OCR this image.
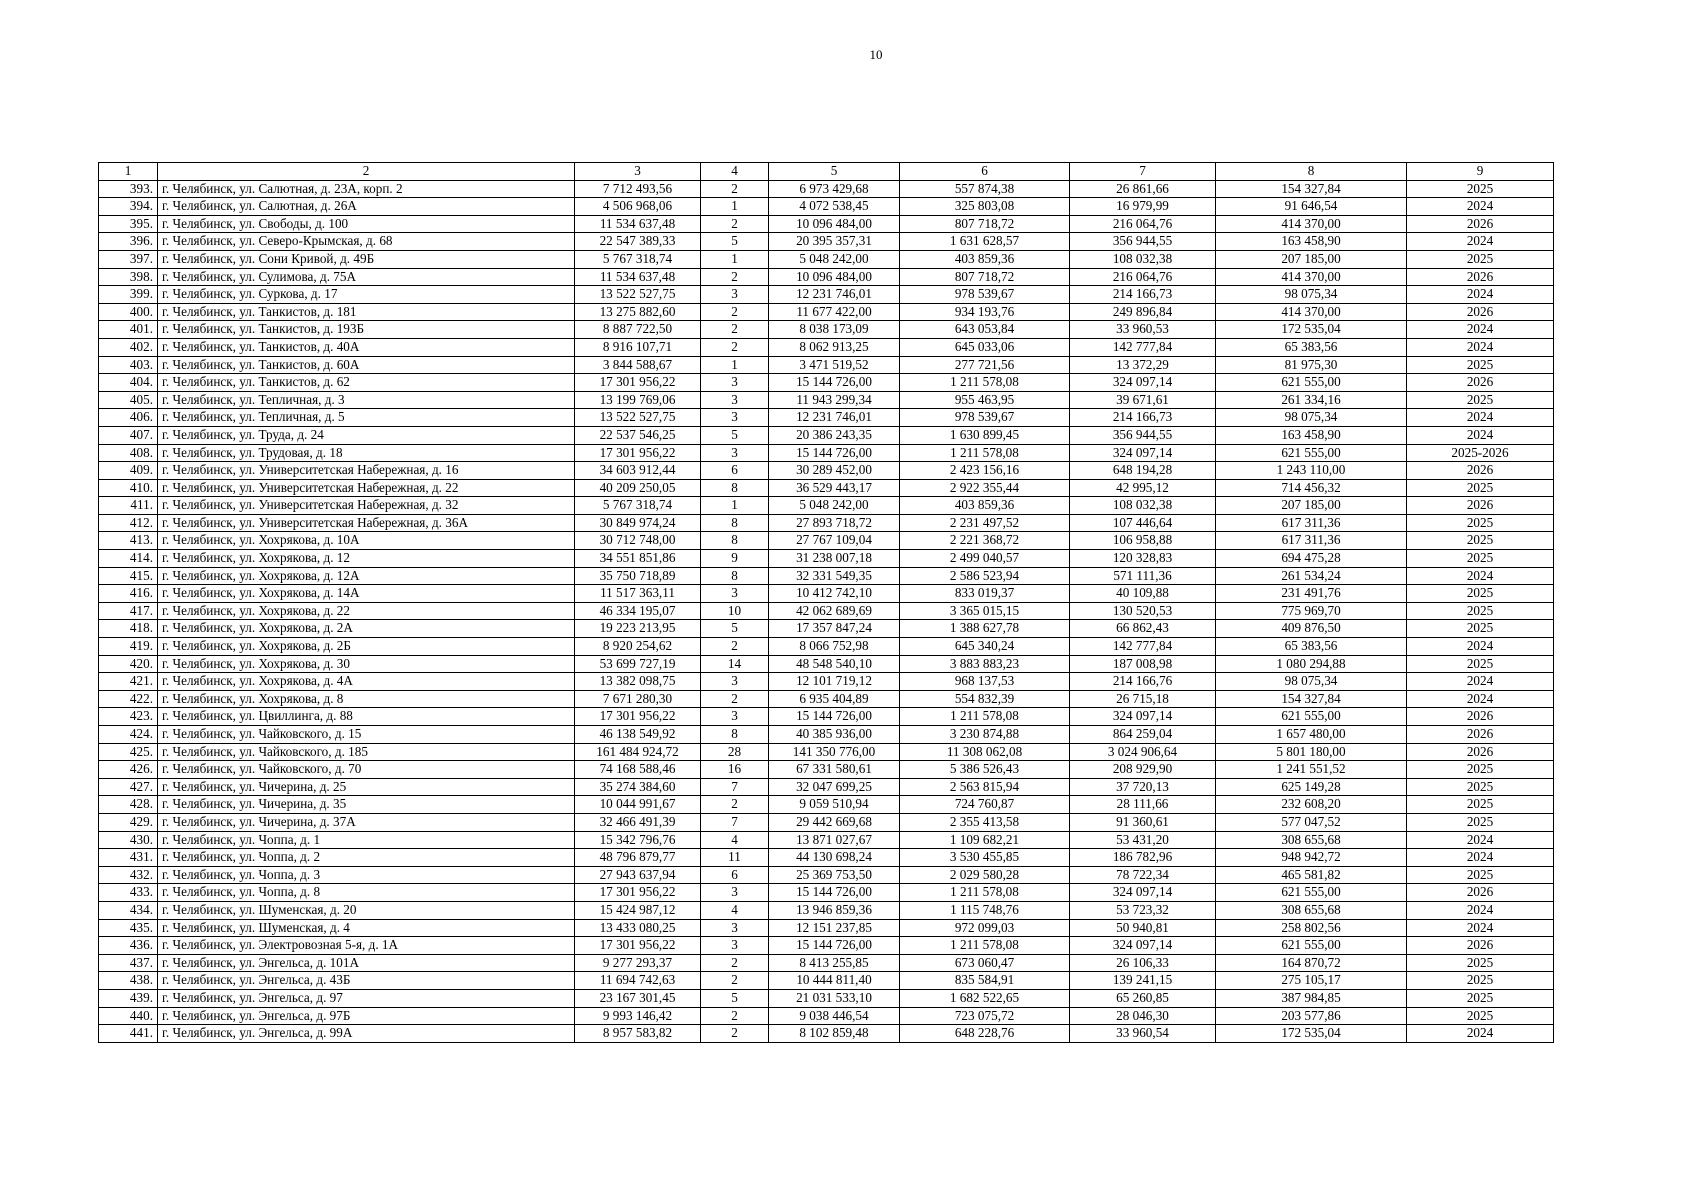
10
1	2	3	4	5	6	7	8	9
393.	г. Челябинск, ул. Салютная, д. 23А, корп. 2	7 712 493,56	2	6 973 429,68	557 874,38	26 861,66	154 327,84	2025
394.	г. Челябинск, ул. Салютная, д. 26А	4 506 968,06	1	4 072 538,45	325 803,08	16 979,99	91 646,54	2024
395.	г. Челябинск, ул. Свободы, д. 100	11 534 637,48	2	10 096 484,00	807 718,72	216 064,76	414 370,00	2026
396.	г. Челябинск, ул. Северо-Крымская, д. 68	22 547 389,33	5	20 395 357,31	1 631 628,57	356 944,55	163 458,90	2024
397.	г. Челябинск, ул. Сони Кривой, д. 49Б	5 767 318,74	1	5 048 242,00	403 859,36	108 032,38	207 185,00	2025
398.	г. Челябинск, ул. Сулимова, д. 75А	11 534 637,48	2	10 096 484,00	807 718,72	216 064,76	414 370,00	2026
399.	г. Челябинск, ул. Суркова, д. 17	13 522 527,75	3	12 231 746,01	978 539,67	214 166,73	98 075,34	2024
400.	г. Челябинск, ул. Танкистов, д. 181	13 275 882,60	2	11 677 422,00	934 193,76	249 896,84	414 370,00	2026
401.	г. Челябинск, ул. Танкистов, д. 193Б	8 887 722,50	2	8 038 173,09	643 053,84	33 960,53	172 535,04	2024
402.	г. Челябинск, ул. Танкистов, д. 40А	8 916 107,71	2	8 062 913,25	645 033,06	142 777,84	65 383,56	2024
403.	г. Челябинск, ул. Танкистов, д. 60А	3 844 588,67	1	3 471 519,52	277 721,56	13 372,29	81 975,30	2025
404.	г. Челябинск, ул. Танкистов, д. 62	17 301 956,22	3	15 144 726,00	1 211 578,08	324 097,14	621 555,00	2026
405.	г. Челябинск, ул. Тепличная, д. 3	13 199 769,06	3	11 943 299,34	955 463,95	39 671,61	261 334,16	2025
406.	г. Челябинск, ул. Тепличная, д. 5	13 522 527,75	3	12 231 746,01	978 539,67	214 166,73	98 075,34	2024
407.	г. Челябинск, ул. Труда, д. 24	22 537 546,25	5	20 386 243,35	1 630 899,45	356 944,55	163 458,90	2024
408.	г. Челябинск, ул. Трудовая, д. 18	17 301 956,22	3	15 144 726,00	1 211 578,08	324 097,14	621 555,00	2025-2026
409.	г. Челябинск, ул. Университетская Набережная, д. 16	34 603 912,44	6	30 289 452,00	2 423 156,16	648 194,28	1 243 110,00	2026
410.	г. Челябинск, ул. Университетская Набережная, д. 22	40 209 250,05	8	36 529 443,17	2 922 355,44	42 995,12	714 456,32	2025
411.	г. Челябинск, ул. Университетская Набережная, д. 32	5 767 318,74	1	5 048 242,00	403 859,36	108 032,38	207 185,00	2026
412.	г. Челябинск, ул. Университетская Набережная, д. 36А	30 849 974,24	8	27 893 718,72	2 231 497,52	107 446,64	617 311,36	2025
413.	г. Челябинск, ул. Хохрякова, д. 10А	30 712 748,00	8	27 767 109,04	2 221 368,72	106 958,88	617 311,36	2025
414.	г. Челябинск, ул. Хохрякова, д. 12	34 551 851,86	9	31 238 007,18	2 499 040,57	120 328,83	694 475,28	2025
415.	г. Челябинск, ул. Хохрякова, д. 12А	35 750 718,89	8	32 331 549,35	2 586 523,94	571 111,36	261 534,24	2024
416.	г. Челябинск, ул. Хохрякова, д. 14А	11 517 363,11	3	10 412 742,10	833 019,37	40 109,88	231 491,76	2025
417.	г. Челябинск, ул. Хохрякова, д. 22	46 334 195,07	10	42 062 689,69	3 365 015,15	130 520,53	775 969,70	2025
418.	г. Челябинск, ул. Хохрякова, д. 2А	19 223 213,95	5	17 357 847,24	1 388 627,78	66 862,43	409 876,50	2025
419.	г. Челябинск, ул. Хохрякова, д. 2Б	8 920 254,62	2	8 066 752,98	645 340,24	142 777,84	65 383,56	2024
420.	г. Челябинск, ул. Хохрякова, д. 30	53 699 727,19	14	48 548 540,10	3 883 883,23	187 008,98	1 080 294,88	2025
421.	г. Челябинск, ул. Хохрякова, д. 4А	13 382 098,75	3	12 101 719,12	968 137,53	214 166,76	98 075,34	2024
422.	г. Челябинск, ул. Хохрякова, д. 8	7 671 280,30	2	6 935 404,89	554 832,39	26 715,18	154 327,84	2024
423.	г. Челябинск, ул. Цвиллинга, д. 88	17 301 956,22	3	15 144 726,00	1 211 578,08	324 097,14	621 555,00	2026
424.	г. Челябинск, ул. Чайковского, д. 15	46 138 549,92	8	40 385 936,00	3 230 874,88	864 259,04	1 657 480,00	2026
425.	г. Челябинск, ул. Чайковского, д. 185	161 484 924,72	28	141 350 776,00	11 308 062,08	3 024 906,64	5 801 180,00	2026
426.	г. Челябинск, ул. Чайковского, д. 70	74 168 588,46	16	67 331 580,61	5 386 526,43	208 929,90	1 241 551,52	2025
427.	г. Челябинск, ул. Чичерина, д. 25	35 274 384,60	7	32 047 699,25	2 563 815,94	37 720,13	625 149,28	2025
428.	г. Челябинск, ул. Чичерина, д. 35	10 044 991,67	2	9 059 510,94	724 760,87	28 111,66	232 608,20	2025
429.	г. Челябинск, ул. Чичерина, д. 37А	32 466 491,39	7	29 442 669,68	2 355 413,58	91 360,61	577 047,52	2025
430.	г. Челябинск, ул. Чоппа, д. 1	15 342 796,76	4	13 871 027,67	1 109 682,21	53 431,20	308 655,68	2024
431.	г. Челябинск, ул. Чоппа, д. 2	48 796 879,77	11	44 130 698,24	3 530 455,85	186 782,96	948 942,72	2024
432.	г. Челябинск, ул. Чоппа, д. 3	27 943 637,94	6	25 369 753,50	2 029 580,28	78 722,34	465 581,82	2025
433.	г. Челябинск, ул. Чоппа, д. 8	17 301 956,22	3	15 144 726,00	1 211 578,08	324 097,14	621 555,00	2026
434.	г. Челябинск, ул. Шуменская, д. 20	15 424 987,12	4	13 946 859,36	1 115 748,76	53 723,32	308 655,68	2024
435.	г. Челябинск, ул. Шуменская, д. 4	13 433 080,25	3	12 151 237,85	972 099,03	50 940,81	258 802,56	2024
436.	г. Челябинск, ул. Электровозная 5-я, д. 1А	17 301 956,22	3	15 144 726,00	1 211 578,08	324 097,14	621 555,00	2026
437.	г. Челябинск, ул. Энгельса, д. 101А	9 277 293,37	2	8 413 255,85	673 060,47	26 106,33	164 870,72	2025
438.	г. Челябинск, ул. Энгельса, д. 43Б	11 694 742,63	2	10 444 811,40	835 584,91	139 241,15	275 105,17	2025
439.	г. Челябинск, ул. Энгельса, д. 97	23 167 301,45	5	21 031 533,10	1 682 522,65	65 260,85	387 984,85	2025
440.	г. Челябинск, ул. Энгельса, д. 97Б	9 993 146,42	2	9 038 446,54	723 075,72	28 046,30	203 577,86	2025
441.	г. Челябинск, ул. Энгельса, д. 99А	8 957 583,82	2	8 102 859,48	648 228,76	33 960,54	172 535,04	2024
